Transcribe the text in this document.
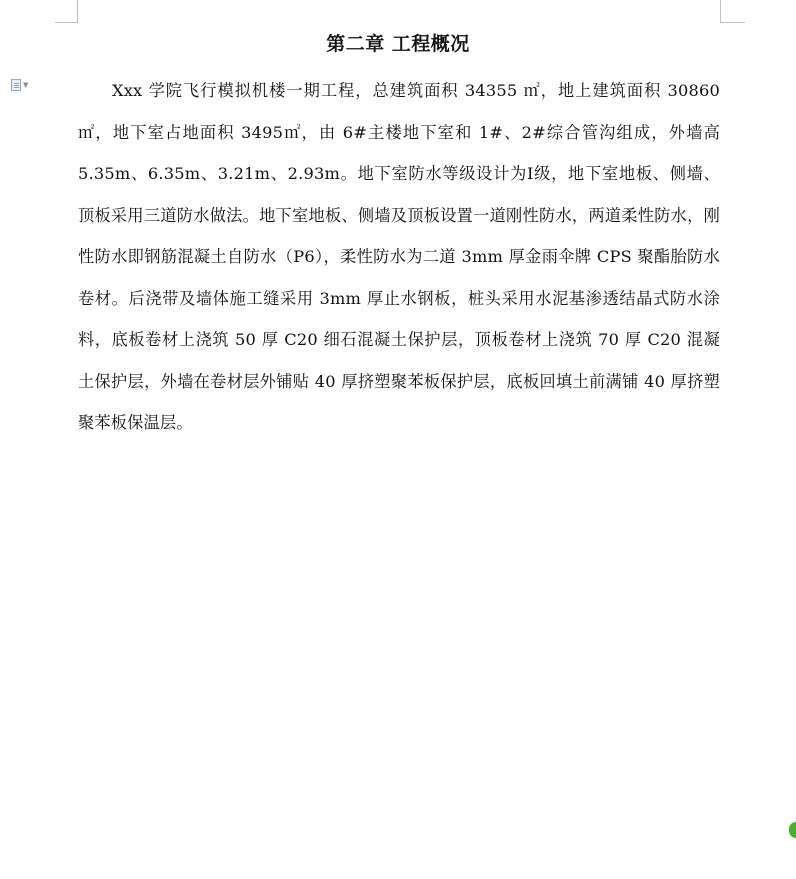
▼
第二章 工程概况

Xxx 学院飞行模拟机楼一期工程，总建筑面积 34355 ㎡，地上建筑面积 30860 ㎡，地下室占地面积 3495㎡，由 6#主楼地下室和 1#、2#综合管沟组成，外墙高 5.35m、6.35m、3.21m、2.93m。地下室防水等级设计为Ⅰ级，地下室地板、侧墙、顶板采用三道防水做法。地下室地板、侧墙及顶板设置一道刚性防水，两道柔性防水，刚性防水即钢筋混凝土自防水（P6），柔性防水为二道 3mm 厚金雨伞牌 CPS 聚酯胎防水卷材。后浇带及墙体施工缝采用 3mm 厚止水钢板，桩头采用水泥基渗透结晶式防水涂料，底板卷材上浇筑 50 厚 C20 细石混凝土保护层，顶板卷材上浇筑 70 厚 C20 混凝土保护层，外墙在卷材层外铺贴 40 厚挤塑聚苯板保护层，底板回填土前满铺 40 厚挤塑聚苯板保温层。
